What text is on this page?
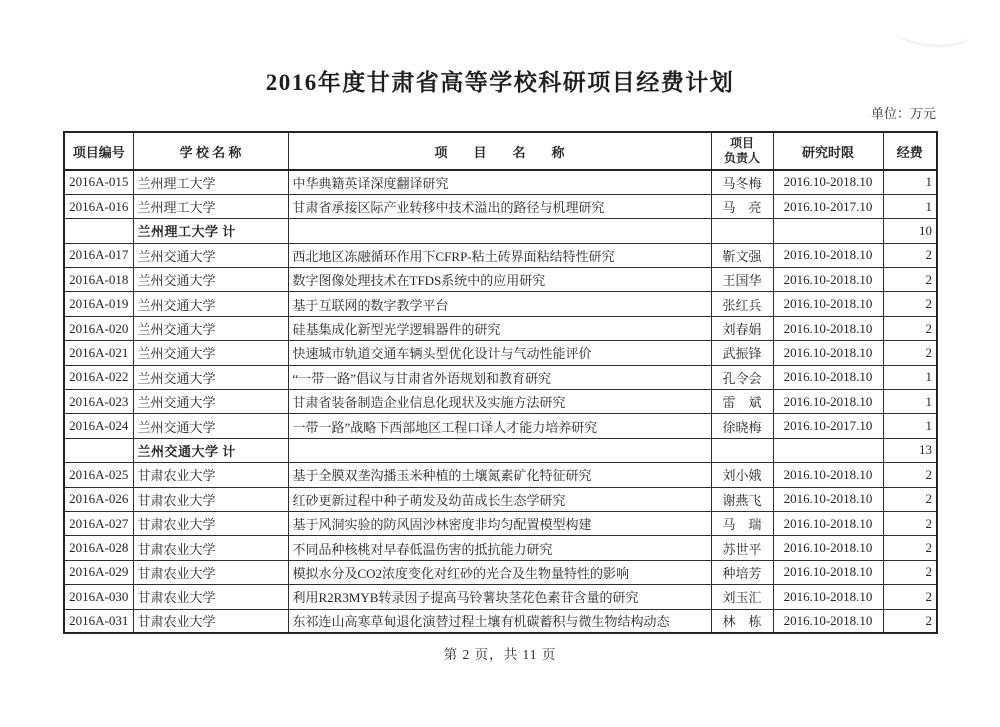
2016年度甘肃省高等学校科研项目经费计划
单位：万元
项目编号	学 校 名 称	项　　目　　名　　称	项目
负责人	研究时限	经费
2016A-015	兰州理工大学	中华典籍英译深度翻译研究	马冬梅	2016.10-2018.10	1
2016A-016	兰州理工大学	甘肃省承接区际产业转移中技术溢出的路径与机理研究	马　亮	2016.10-2017.10	1
	兰州理工大学 计				10
2016A-017	兰州交通大学	西北地区冻融循环作用下CFRP-粘土砖界面粘结特性研究	靳文强	2016.10-2018.10	2
2016A-018	兰州交通大学	数字图像处理技术在TFDS系统中的应用研究	王国华	2016.10-2018.10	2
2016A-019	兰州交通大学	基于互联网的数字教学平台	张红兵	2016.10-2018.10	2
2016A-020	兰州交通大学	硅基集成化新型光学逻辑器件的研究	刘春娟	2016.10-2018.10	2
2016A-021	兰州交通大学	快速城市轨道交通车辆头型优化设计与气动性能评价	武振锋	2016.10-2018.10	2
2016A-022	兰州交通大学	“一带一路”倡议与甘肃省外语规划和教育研究	孔令会	2016.10-2018.10	1
2016A-023	兰州交通大学	甘肃省装备制造企业信息化现状及实施方法研究	雷　斌	2016.10-2018.10	1
2016A-024	兰州交通大学	一带一路”战略下西部地区工程口译人才能力培养研究	徐晓梅	2016.10-2017.10	1
	兰州交通大学 计				13
2016A-025	甘肃农业大学	基于全膜双垄沟播玉米种植的土壤氮素矿化特征研究	刘小娥	2016.10-2018.10	2
2016A-026	甘肃农业大学	红砂更新过程中种子萌发及幼苗成长生态学研究	谢燕飞	2016.10-2018.10	2
2016A-027	甘肃农业大学	基于风洞实验的防风固沙林密度非均匀配置模型构建	马　瑞	2016.10-2018.10	2
2016A-028	甘肃农业大学	不同品种核桃对早春低温伤害的抵抗能力研究	苏世平	2016.10-2018.10	2
2016A-029	甘肃农业大学	模拟水分及CO2浓度变化对红砂的光合及生物量特性的影响	种培芳	2016.10-2018.10	2
2016A-030	甘肃农业大学	利用R2R3MYB转录因子提高马铃薯块茎花色素苷含量的研究	刘玉汇	2016.10-2018.10	2
2016A-031	甘肃农业大学	东祁连山高寒草甸退化演替过程土壤有机碳蓄积与微生物结构动态	林　栋	2016.10-2018.10	2
第 2 页，共 11 页
